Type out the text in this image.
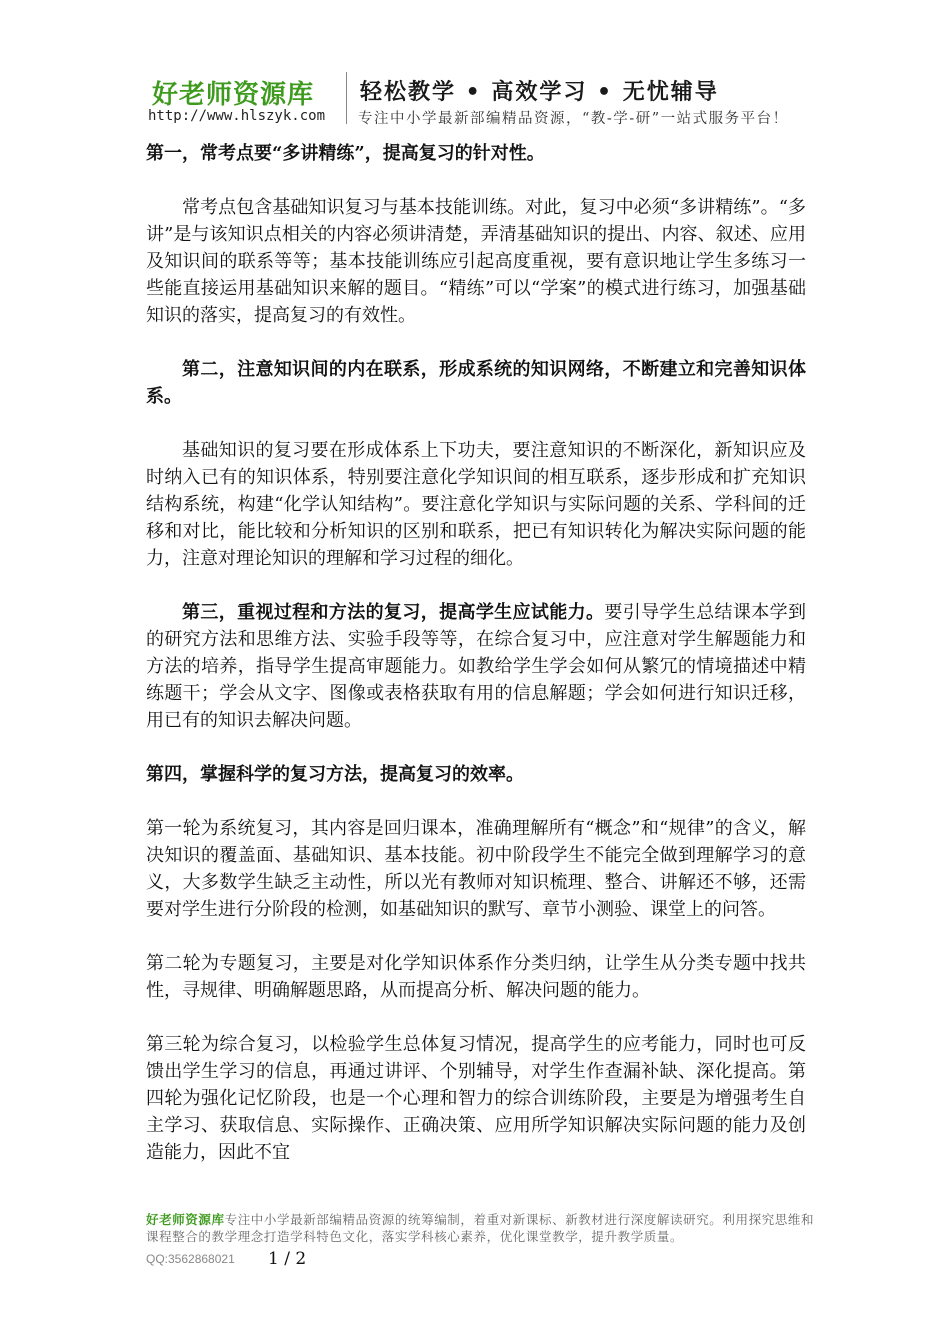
好老师资源库 轻松教学 • 高效学习 • 无忧辅导
http://www.hlszyk.com 专注中小学最新部编精品资源，“教-学-研”一站式服务平台！

第一，常考点要“多讲精练”，提高复习的针对性。

常考点包含基础知识复习与基本技能训练。对此，复习中必须“多讲精练”。“多讲”是与该知识点相关的内容必须讲清楚，弄清基础知识的提出、内容、叙述、应用及知识间的联系等等；基本技能训练应引起高度重视，要有意识地让学生多练习一些能直接运用基础知识来解的题目。“精练”可以“学案”的模式进行练习，加强基础知识的落实，提高复习的有效性。

第二，注意知识间的内在联系，形成系统的知识网络，不断建立和完善知识体系。

基础知识的复习要在形成体系上下功夫，要注意知识的不断深化，新知识应及时纳入已有的知识体系，特别要注意化学知识间的相互联系，逐步形成和扩充知识结构系统，构建“化学认知结构”。要注意化学知识与实际问题的关系、学科间的迁移和对比，能比较和分析知识的区别和联系，把已有知识转化为解决实际问题的能力，注意对理论知识的理解和学习过程的细化。

第三，重视过程和方法的复习，提高学生应试能力。要引导学生总结课本学到的研究方法和思维方法、实验手段等等，在综合复习中，应注意对学生解题能力和方法的培养，指导学生提高审题能力。如教给学生学会如何从繁冗的情境描述中精练题干；学会从文字、图像或表格获取有用的信息解题；学会如何进行知识迁移，用已有的知识去解决问题。

第四，掌握科学的复习方法，提高复习的效率。

第一轮为系统复习，其内容是回归课本，准确理解所有“概念”和“规律”的含义，解决知识的覆盖面、基础知识、基本技能。初中阶段学生不能完全做到理解学习的意义，大多数学生缺乏主动性，所以光有教师对知识梳理、整合、讲解还不够，还需要对学生进行分阶段的检测，如基础知识的默写、章节小测验、课堂上的问答。

第二轮为专题复习，主要是对化学知识体系作分类归纳，让学生从分类专题中找共性，寻规律、明确解题思路，从而提高分析、解决问题的能力。

第三轮为综合复习，以检验学生总体复习情况，提高学生的应考能力，同时也可反馈出学生学习的信息，再通过讲评、个别辅导，对学生作查漏补缺、深化提高。第四轮为强化记忆阶段，也是一个心理和智力的综合训练阶段，主要是为增强考生自主学习、获取信息、实际操作、正确决策、应用所学知识解决实际问题的能力及创造能力，因此不宜

好老师资源库专注中小学最新部编精品资源的统筹编制，着重对新课标、新教材进行深度解读研究。利用探究思维和课程整合的教学理念打造学科特色文化，落实学科核心素养，优化课堂教学，提升教学质量。
QQ:3562868021 1 / 2
